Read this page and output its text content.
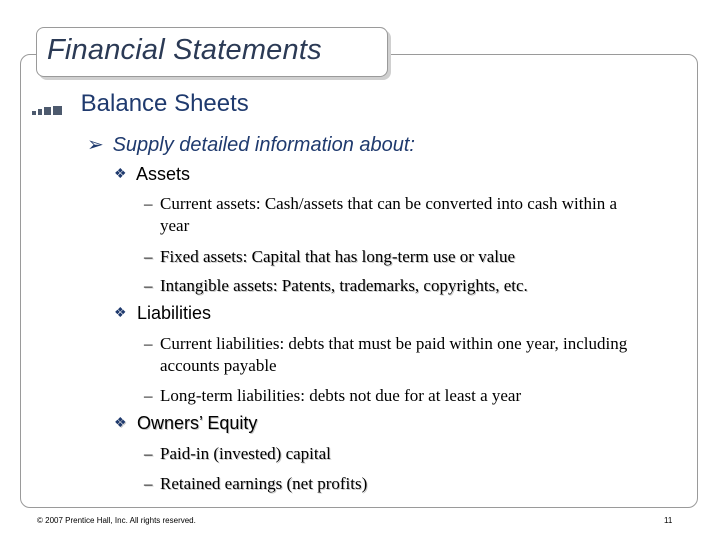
Financial Statements
Balance Sheets
➢ Supply detailed information about:
❖ Assets
– Current assets: Cash/assets that can be converted into cash within a year
– Fixed assets: Capital that has long-term use or value
– Intangible assets: Patents, trademarks, copyrights, etc.
❖ Liabilities
– Current liabilities: debts that must be paid within one year, including accounts payable
– Long-term liabilities: debts not due for at least a year
❖ Owners’ Equity
– Paid-in (invested) capital
– Retained earnings (net profits)
© 2007 Prentice Hall, Inc. All rights reserved.	11
